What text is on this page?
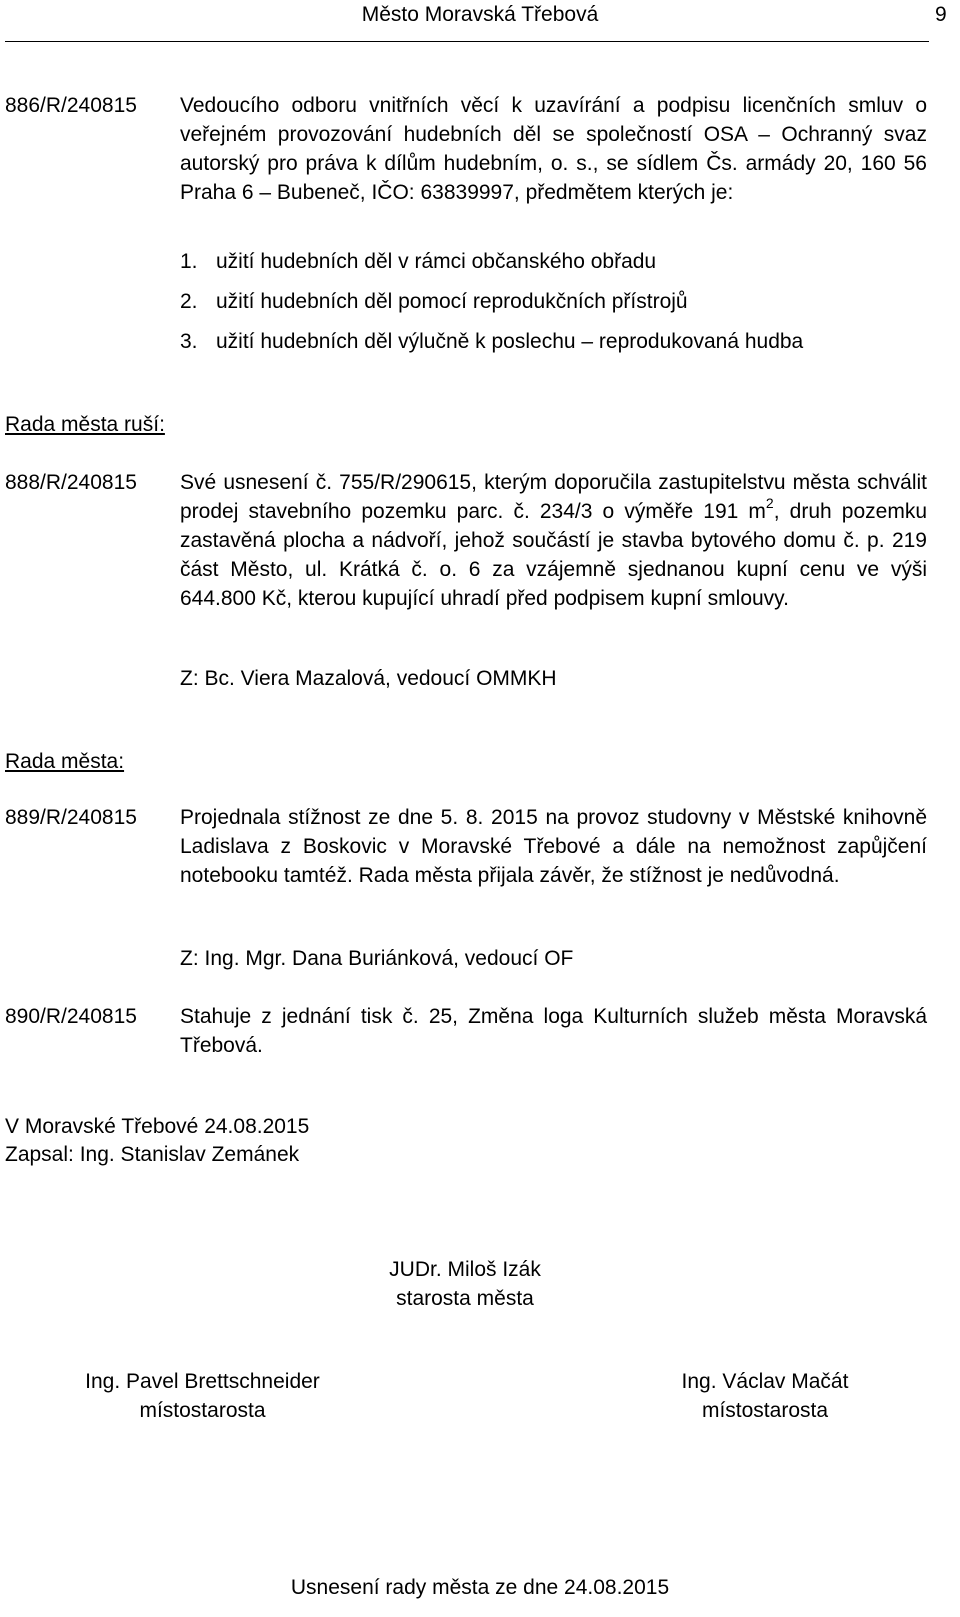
Město Moravská Třebová	9
886/R/240815 Vedoucího odboru vnitřních věcí k uzavírání a podpisu licenčních smluv o veřejném provozování hudebních děl se společností OSA – Ochranný svaz autorský pro práva k dílům hudebním, o. s., se sídlem Čs. armády 20, 160 56 Praha 6 – Bubeneč, IČO: 63839997, předmětem kterých je:
1. užití hudebních děl v rámci občanského obřadu
2. užití hudebních děl pomocí reprodukčních přístrojů
3. užití hudebních děl výlučně k poslechu – reprodukovaná hudba
Rada města ruší:
888/R/240815 Své usnesení č. 755/R/290615, kterým doporučila zastupitelstvu města schválit prodej stavebního pozemku parc. č. 234/3 o výměře 191 $m^2$, druh pozemku zastavěná plocha a nádvoří, jehož součástí je stavba bytového domu č. p. 219 část Město, ul. Krátká č. o. 6 za vzájemně sjednanou kupní cenu ve výši 644.800 Kč, kterou kupující uhradí před podpisem kupní smlouvy.
Z: Bc. Viera Mazalová, vedoucí OMMKH
Rada města:
889/R/240815 Projednala stížnost ze dne 5. 8. 2015 na provoz studovny v Městské knihovně Ladislava z Boskovic v Moravské Třebové a dále na nemožnost zapůjčení notebooku tamtéž. Rada města přijala závěr, že stížnost je nedůvodná.
Z: Ing. Mgr. Dana Buriánková, vedoucí OF
890/R/240815 Stahuje z jednání tisk č. 25, Změna loga Kulturních služeb města Moravská Třebová.
V Moravské Třebové 24.08.2015
Zapsal: Ing. Stanislav Zemánek
JUDr. Miloš Izák
starosta města
Ing. Pavel Brettschneider
místostarosta
Ing. Václav Mačát
místostarosta
Usnesení rady města ze dne 24.08.2015
